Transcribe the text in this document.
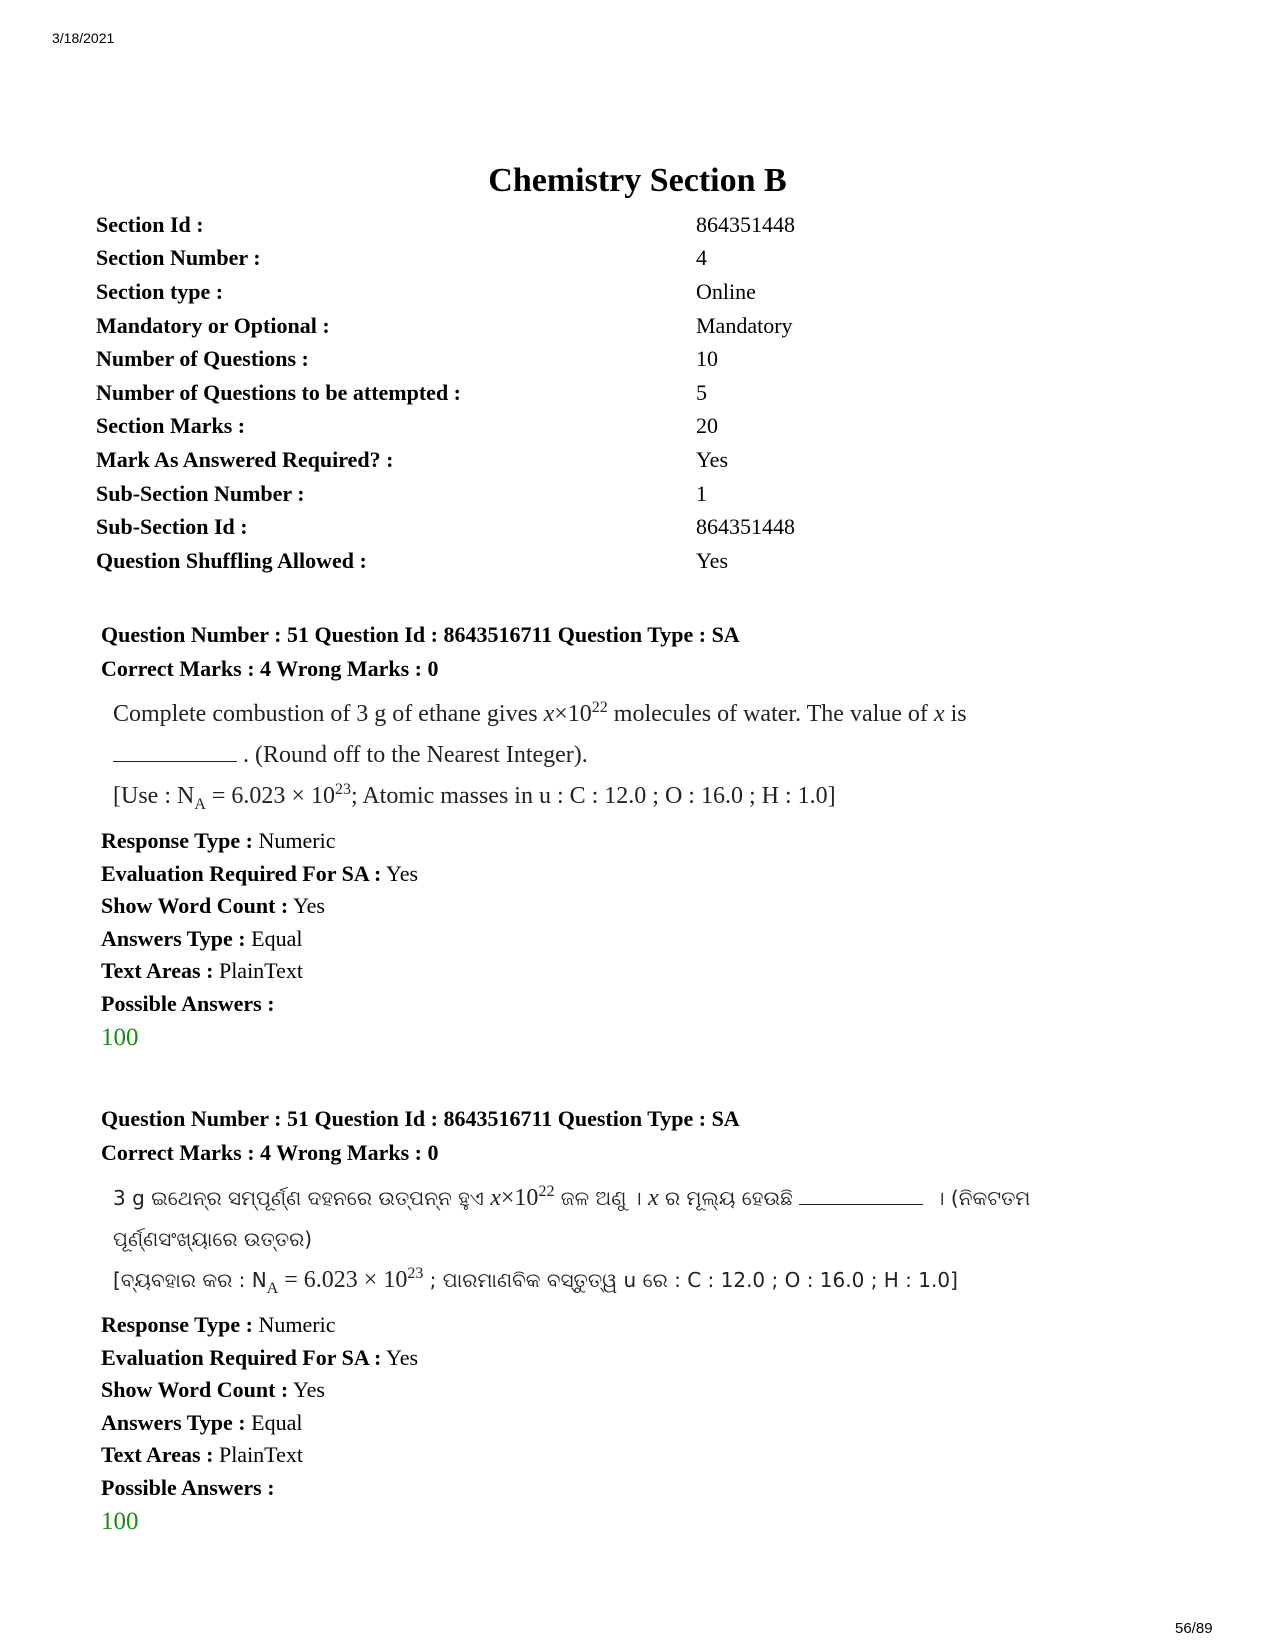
3/18/2021
Chemistry Section B
Section Id :	864351448
Section Number :	4
Section type :	Online
Mandatory or Optional :	Mandatory
Number of Questions :	10
Number of Questions to be attempted :	5
Section Marks :	20
Mark As Answered Required? :	Yes
Sub-Section Number :	1
Sub-Section Id :	864351448
Question Shuffling Allowed :	Yes
Question Number : 51 Question Id : 8643516711 Question Type : SA
Correct Marks : 4 Wrong Marks : 0
Complete combustion of 3 g of ethane gives $x\times 10^{22}$ molecules of water. The value of x is
. (Round off to the Nearest Integer).
[Use : $N_A = 6.023 \times 10^{23}$; Atomic masses in u : C : 12.0 ; O : 16.0 ; H : 1.0]
Response Type : Numeric
Evaluation Required For SA : Yes
Show Word Count : Yes
Answers Type : Equal
Text Areas : PlainText
Possible Answers :
100
Question Number : 51 Question Id : 8643516711 Question Type : SA
Correct Marks : 4 Wrong Marks : 0
3 g ଇଥେନ୍‌ର ସମ୍ପୂର୍ଣ୍ଣ ଦହନରେ ଉତ୍ପନ୍ନ ହୁଏ $x\times 10^{22}$ ଜଳ ଅଣୁ । x ର ମୂଲ୍ୟ ହେଉଛି	। (ନିକଟତମ
ପୂର୍ଣ୍ଣସଂଖ୍ୟାରେ ଉତ୍ତର)
[ବ୍ୟବହାର କର : $N_A = 6.023 \times 10^{23}$ ; ପାରମାଣବିକ ବସ୍ତୁତ୍ୱ u ରେ : C : 12.0 ; O : 16.0 ; H : 1.0]
Response Type : Numeric
Evaluation Required For SA : Yes
Show Word Count : Yes
Answers Type : Equal
Text Areas : PlainText
Possible Answers :
100
56/89
